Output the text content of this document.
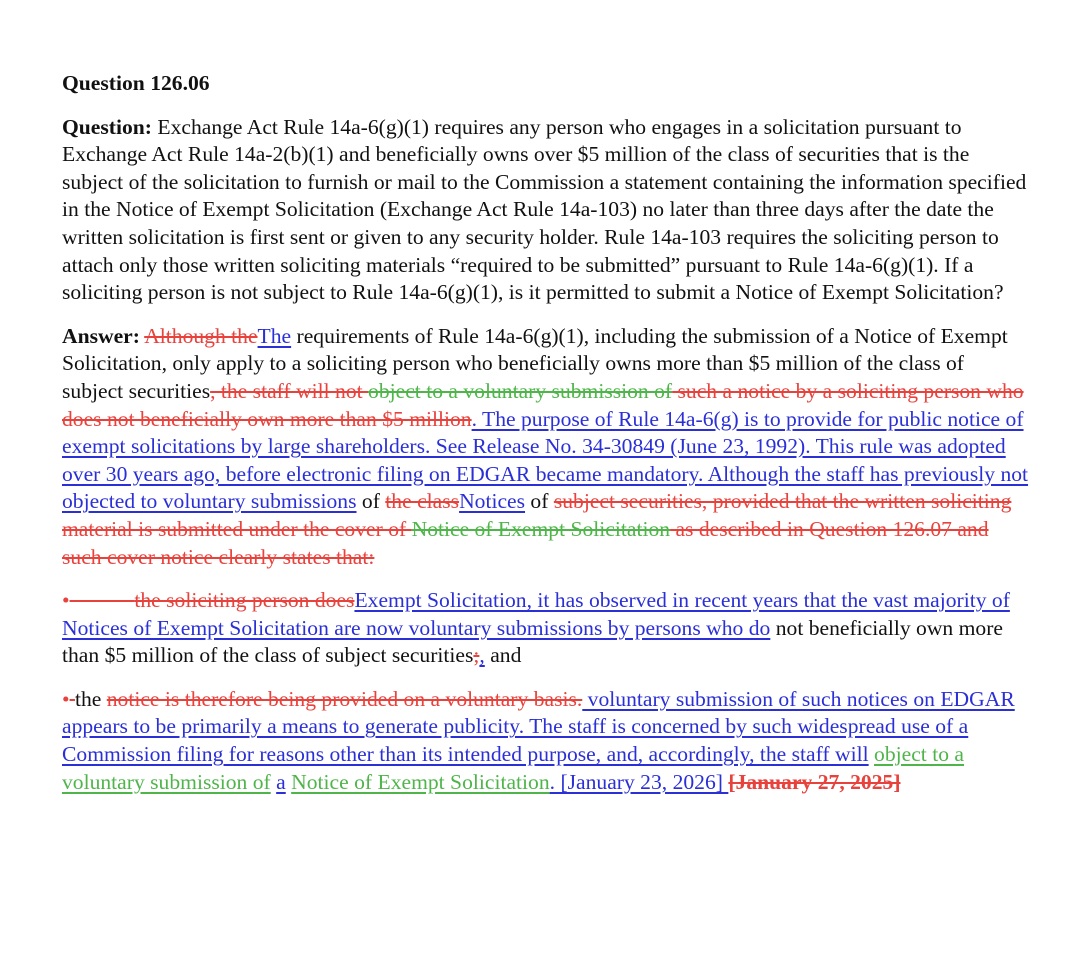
Question 126.06

Question: Exchange Act Rule 14a-6(g)(1) requires any person who engages in a solicitation pursuant to Exchange Act Rule 14a-2(b)(1) and beneficially owns over $5 million of the class of securities that is the subject of the solicitation to furnish or mail to the Commission a statement containing the information specified in the Notice of Exempt Solicitation (Exchange Act Rule 14a-103) no later than three days after the date the written solicitation is first sent or given to any security holder. Rule 14a-103 requires the soliciting person to attach only those written soliciting materials “required to be submitted” pursuant to Rule 14a-6(g)(1). If a soliciting person is not subject to Rule 14a-6(g)(1), is it permitted to submit a Notice of Exempt Solicitation?

Answer: Although theThe requirements of Rule 14a-6(g)(1), including the submission of a Notice of Exempt Solicitation, only apply to a soliciting person who beneficially owns more than $5 million of the class of subject securities, the staff will not object to a voluntary submission of such a notice by a soliciting person who does not beneficially own more than $5 million. The purpose of Rule 14a-6(g) is to provide for public notice of exempt solicitations by large shareholders. See Release No. 34-30849 (June 23, 1992). This rule was adopted over 30 years ago, before electronic filing on EDGAR became mandatory. Although the staff has previously not objected to voluntary submissions of the classNotices of subject securities, provided that the written soliciting material is submitted under the cover of Notice of Exempt Solicitation as described in Question 126.07 and such cover notice clearly states that:

•   	the soliciting person doesExempt Solicitation, it has observed in recent years that the vast majority of Notices of Exempt Solicitation are now voluntary submissions by persons who do not beneficially own more than $5 million of the class of subject securities;, and

• the notice is therefore being provided on a voluntary basis. voluntary submission of such notices on EDGAR appears to be primarily a means to generate publicity. The staff is concerned by such widespread use of a Commission filing for reasons other than its intended purpose, and, accordingly, the staff will object to a voluntary submission of a Notice of Exempt Solicitation. [January 23, 2026] [January 27, 2025]
